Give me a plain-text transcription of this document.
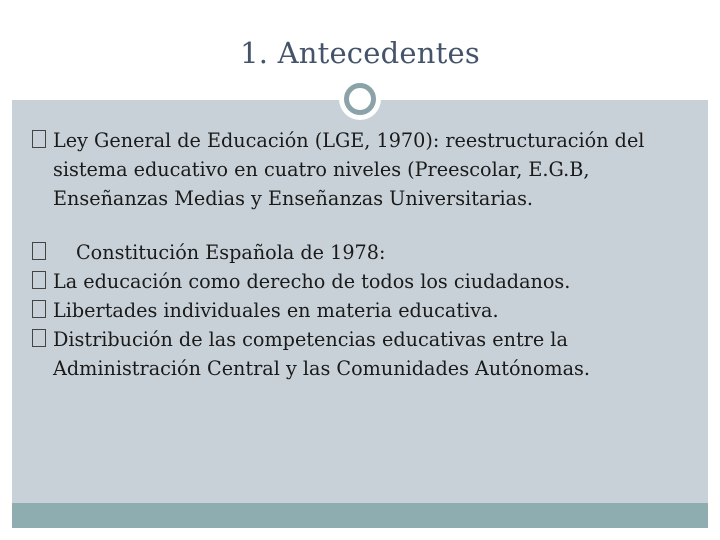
1. Antecedentes
Ley General de Educación (LGE, 1970): reestructuración del sistema educativo en cuatro niveles (Preescolar, E.G.B, Enseñanzas Medias y Enseñanzas Universitarias.
Constitución Española de 1978:
La educación como derecho de todos los ciudadanos.
Libertades individuales en materia educativa.
Distribución de las competencias educativas entre la Administración Central y las Comunidades Autónomas.
